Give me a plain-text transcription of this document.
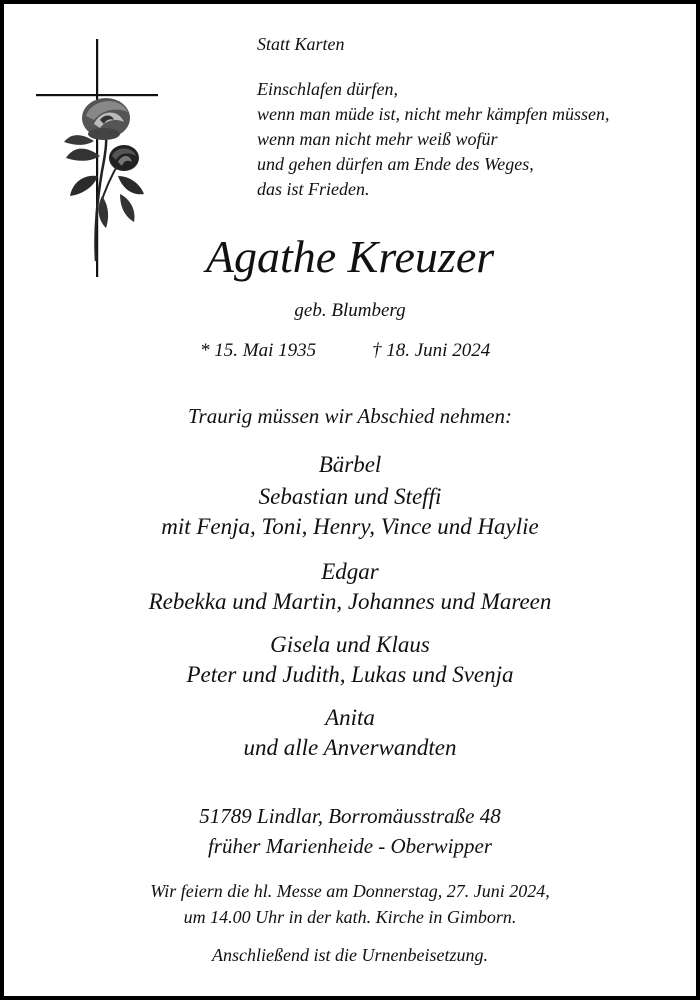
Statt Karten
Einschlafen dürfen,
wenn man müde ist, nicht mehr kämpfen müssen,
wenn man nicht mehr weiß wofür
und gehen dürfen am Ende des Weges,
das ist Frieden.
Agathe Kreuzer
geb. Blumberg
* 15. Mai 1935	† 18. Juni 2024
Traurig müssen wir Abschied nehmen:
Bärbel
Sebastian und Steffi
mit Fenja, Toni, Henry, Vince und Haylie
Edgar
Rebekka und Martin, Johannes und Mareen
Gisela und Klaus
Peter und Judith, Lukas und Svenja
Anita
und alle Anverwandten
51789 Lindlar, Borromäusstraße 48
früher Marienheide - Oberwipper
Wir feiern die hl. Messe am Donnerstag, 27. Juni 2024,
um 14.00 Uhr in der kath. Kirche in Gimborn.
Anschließend ist die Urnenbeisetzung.
